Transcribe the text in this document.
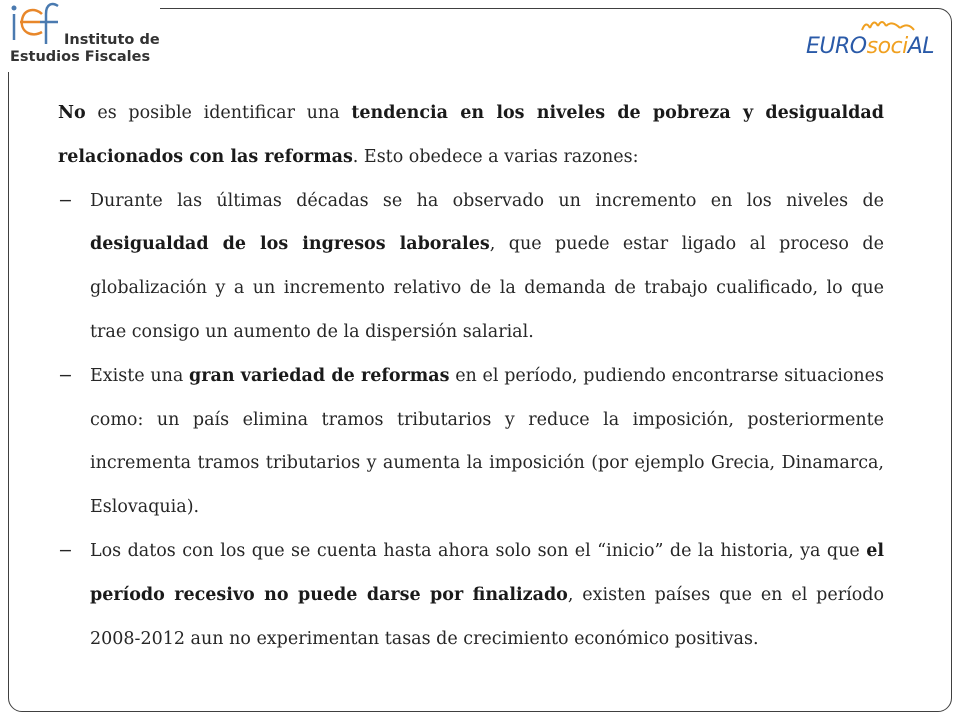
Instituto de
Estudios Fiscales	EUROsociAL

No es posible identificar una tendencia en los niveles de pobreza y desigualdad relacionados con las reformas. Esto obedece a varias razones:

− Durante las últimas décadas se ha observado un incremento en los niveles de desigualdad de los ingresos laborales, que puede estar ligado al proceso de globalización y a un incremento relativo de la demanda de trabajo cualificado, lo que trae consigo un aumento de la dispersión salarial.

− Existe una gran variedad de reformas en el período, pudiendo encontrarse situaciones como: un país elimina tramos tributarios y reduce la imposición, posteriormente incrementa tramos tributarios y aumenta la imposición (por ejemplo Grecia, Dinamarca, Eslovaquia).

− Los datos con los que se cuenta hasta ahora solo son el “inicio” de la historia, ya que el período recesivo no puede darse por finalizado, existen países que en el período 2008-2012 aun no experimentan tasas de crecimiento económico positivas.
